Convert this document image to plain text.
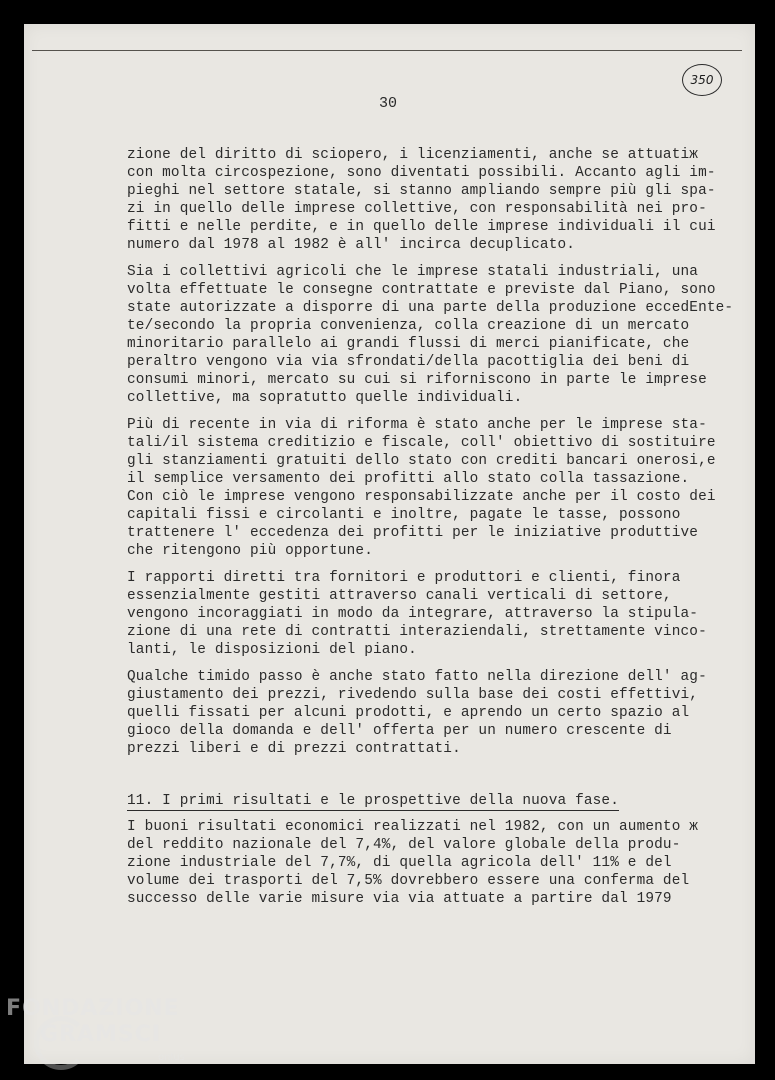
350
30
zione del diritto di sciopero, i licenziamenti, anche se attuatiж
con molta circospezione, sono diventati possibili. Accanto agli im-
pieghi nel settore statale, si stanno ampliando sempre più gli spa-
zi in quello delle imprese collettive, con responsabilità nei pro-
fitti e nelle perdite, e in quello delle imprese individuali il cui
numero dal 1978 al 1982 è all' incirca decuplicato.
Sia i collettivi agricoli che le imprese statali industriali, una
volta effettuate le consegne contrattate e previste dal Piano, sono
state autorizzate a disporre di una parte della produzione eccedEnte-
te/secondo la propria convenienza, colla creazione di un mercato
minoritario parallelo ai grandi flussi di merci pianificate, che
peraltro vengono via via sfrondati/della pacottiglia dei beni di
consumi minori, mercato su cui si riforniscono in parte le imprese
collettive, ma sopratutto quelle individuali.
Più di recente in via di riforma è stato anche per le imprese sta-
tali/il sistema creditizio e fiscale, coll' obiettivo di sostituire
gli stanziamenti gratuiti dello stato con crediti bancari onerosi,e
il semplice versamento dei profitti allo stato colla tassazione.
Con ciò le imprese vengono responsabilizzate anche per il costo dei
capitali fissi e circolanti e inoltre, pagate le tasse, possono
trattenere l' eccedenza dei profitti per le iniziative produttive
che ritengono più opportune.
I rapporti diretti tra fornitori e produttori e clienti, finora
essenzialmente gestiti attraverso canali verticali di settore,
vengono incoraggiati in modo da integrare, attraverso la stipula-
zione di una rete di contratti interaziendali, strettamente vinco-
lanti, le disposizioni del piano.
Qualche timido passo è anche stato fatto nella direzione dell' ag-
giustamento dei prezzi, rivedendo sulla base dei costi effettivi,
quelli fissati per alcuni prodotti, e aprendo un certo spazio al
gioco della domanda e dell' offerta per un numero crescente di
prezzi liberi e di prezzi contrattati.
11. I primi risultati e le prospettive della nuova fase.
I buoni risultati economici realizzati nel 1982, con un aumento ж
del reddito nazionale del 7,4%, del valore globale della produ-
zione industriale del 7,7%, di quella agricola dell' 11% e del
volume dei trasporti del 7,5% dovrebbero essere una conferma del
successo delle varie misure via via attuate a partire dal 1979
FONDAZIONE
GRAMSCI
onlus
